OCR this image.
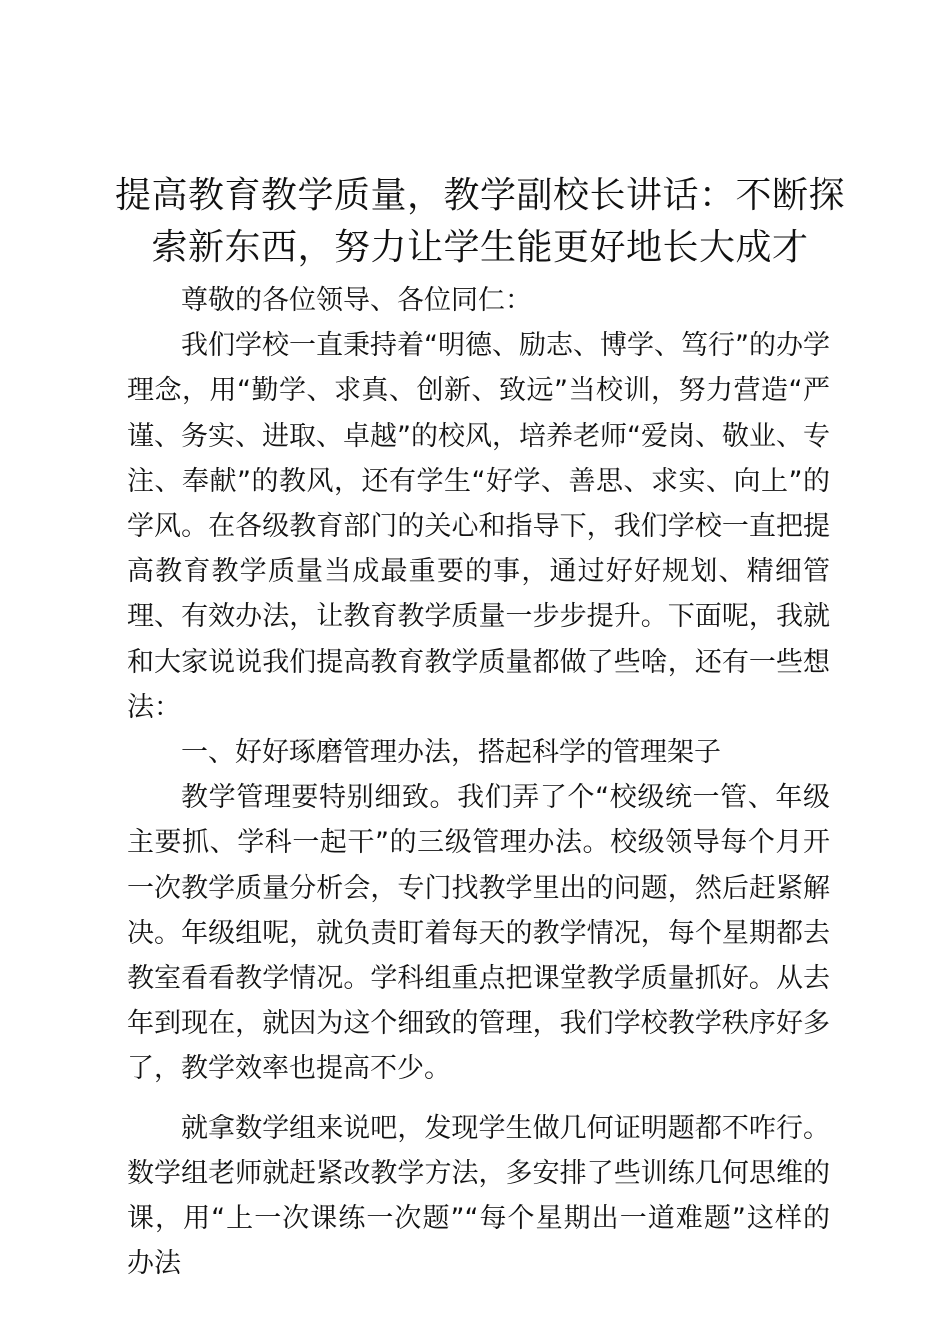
提高教育教学质量，教学副校长讲话：不断探索新东西，努力让学生能更好地长大成才

尊敬的各位领导、各位同仁：

我们学校一直秉持着“明德、励志、博学、笃行”的办学理念，用“勤学、求真、创新、致远”当校训，努力营造“严谨、务实、进取、卓越”的校风，培养老师“爱岗、敬业、专注、奉献”的教风，还有学生“好学、善思、求实、向上”的学风。在各级教育部门的关心和指导下，我们学校一直把提高教育教学质量当成最重要的事，通过好好规划、精细管理、有效办法，让教育教学质量一步步提升。下面呢，我就和大家说说我们提高教育教学质量都做了些啥，还有一些想法：

一、好好琢磨管理办法，搭起科学的管理架子

教学管理要特别细致。我们弄了个“校级统一管、年级主要抓、学科一起干”的三级管理办法。校级领导每个月开一次教学质量分析会，专门找教学里出的问题，然后赶紧解决。年级组呢，就负责盯着每天的教学情况，每个星期都去教室看看教学情况。学科组重点把课堂教学质量抓好。从去年到现在，就因为这个细致的管理，我们学校教学秩序好多了，教学效率也提高不少。

就拿数学组来说吧，发现学生做几何证明题都不咋行。数学组老师就赶紧改教学方法，多安排了些训练几何思维的课，用“上一次课练一次题”“每个星期出一道难题”这样的办法
